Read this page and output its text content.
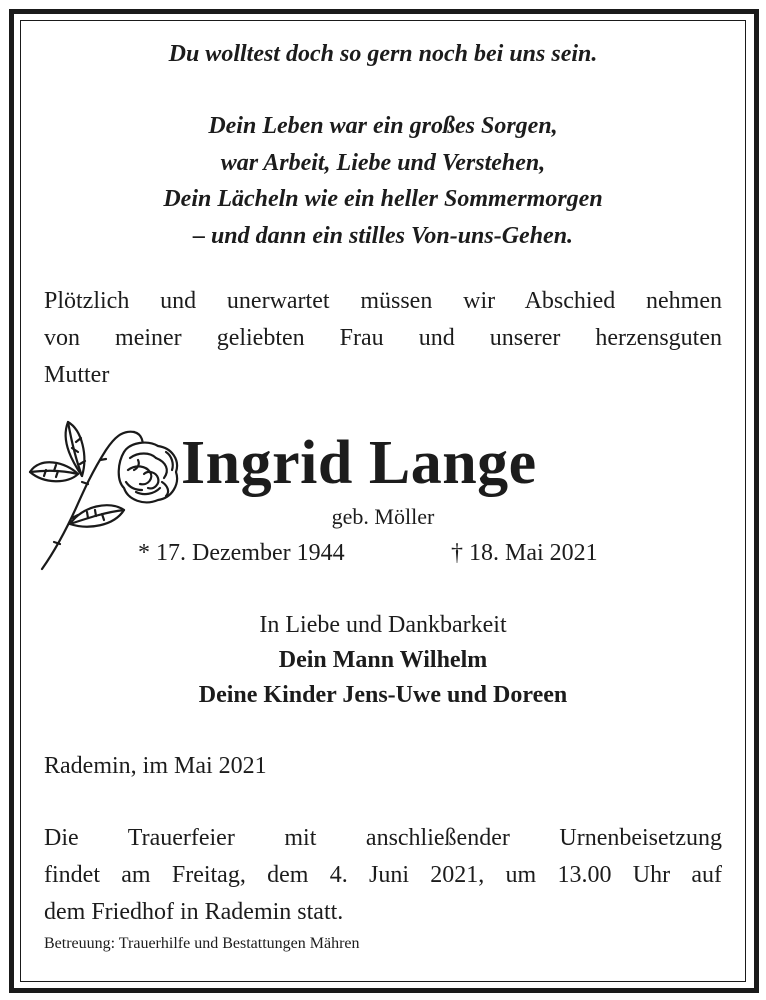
Du wolltest doch so gern noch bei uns sein.
Dein Leben war ein großes Sorgen,
war Arbeit, Liebe und Verstehen,
Dein Lächeln wie ein heller Sommermorgen
– und dann ein stilles Von-uns-Gehen.
Plötzlich und unerwartet müssen wir Abschied nehmen
von meiner geliebten Frau und unserer herzensguten
Mutter
Ingrid Lange
geb. Möller
* 17. Dezember 1944	† 18. Mai 2021
In Liebe und Dankbarkeit
Dein Mann Wilhelm
Deine Kinder Jens-Uwe und Doreen
Rademin, im Mai 2021
Die Trauerfeier mit anschließender Urnenbeisetzung
findet am Freitag, dem 4. Juni 2021, um 13.00 Uhr auf
dem Friedhof in Rademin statt.
Betreuung: Trauerhilfe und Bestattungen Mähren
